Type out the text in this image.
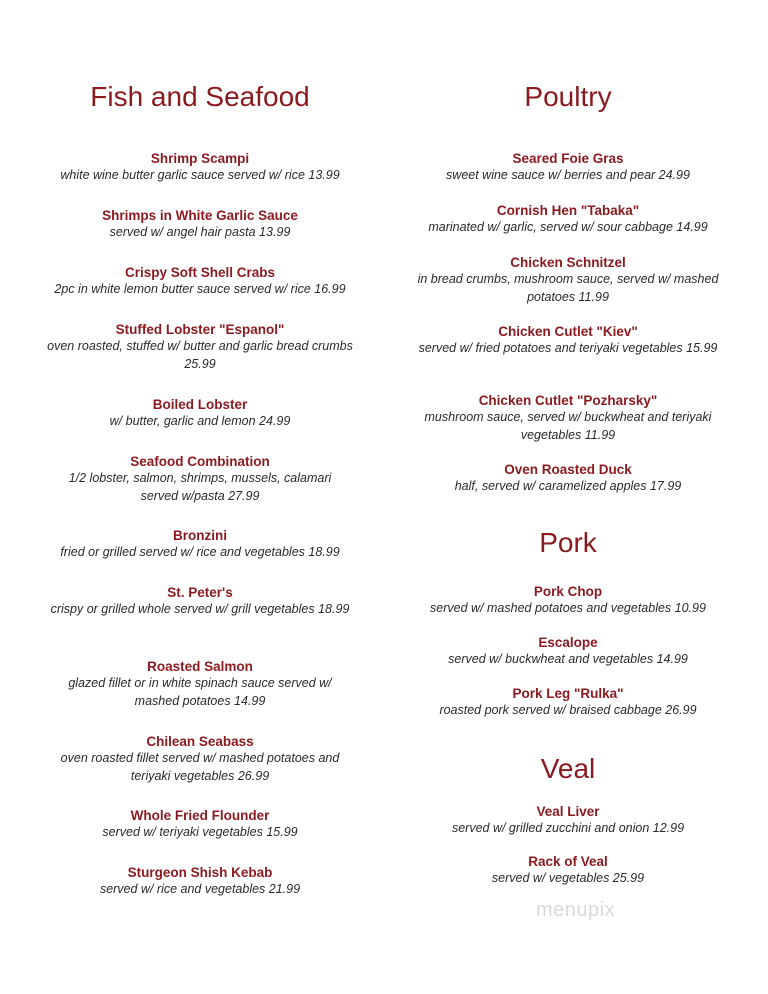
Fish and Seafood
Shrimp Scampi
white wine butter garlic sauce served w/ rice 13.99
Shrimps in White Garlic Sauce
served w/ angel hair pasta 13.99
Crispy Soft Shell Crabs
2pc in white lemon butter sauce served w/ rice 16.99
Stuffed Lobster "Espanol"
oven roasted, stuffed w/ butter and garlic bread crumbs 25.99
Boiled Lobster
w/ butter, garlic and lemon 24.99
Seafood Combination
1/2 lobster, salmon, shrimps, mussels, calamari served w/pasta 27.99
Bronzini
fried or grilled served w/ rice and vegetables 18.99
St. Peter's
crispy or grilled whole served w/ grill vegetables 18.99
Roasted Salmon
glazed fillet or in white spinach sauce served w/ mashed potatoes 14.99
Chilean Seabass
oven roasted fillet served w/ mashed potatoes and teriyaki vegetables 26.99
Whole Fried Flounder
served w/ teriyaki vegetables 15.99
Sturgeon Shish Kebab
served w/ rice and vegetables 21.99
Poultry
Seared Foie Gras
sweet wine sauce w/ berries and pear 24.99
Cornish Hen "Tabaka"
marinated w/ garlic, served w/ sour cabbage 14.99
Chicken Schnitzel
in bread crumbs, mushroom sauce, served w/ mashed potatoes 11.99
Chicken Cutlet "Kiev"
served w/ fried potatoes and teriyaki vegetables 15.99
Chicken Cutlet "Pozharsky"
mushroom sauce, served w/ buckwheat and teriyaki vegetables 11.99
Oven Roasted Duck
half, served w/ caramelized apples 17.99
Pork
Pork Chop
served w/ mashed potatoes and vegetables 10.99
Escalope
served w/ buckwheat and vegetables 14.99
Pork Leg "Rulka"
roasted pork served w/ braised cabbage 26.99
Veal
Veal Liver
served w/ grilled zucchini and onion 12.99
Rack of Veal
served w/ vegetables 25.99
menupix
